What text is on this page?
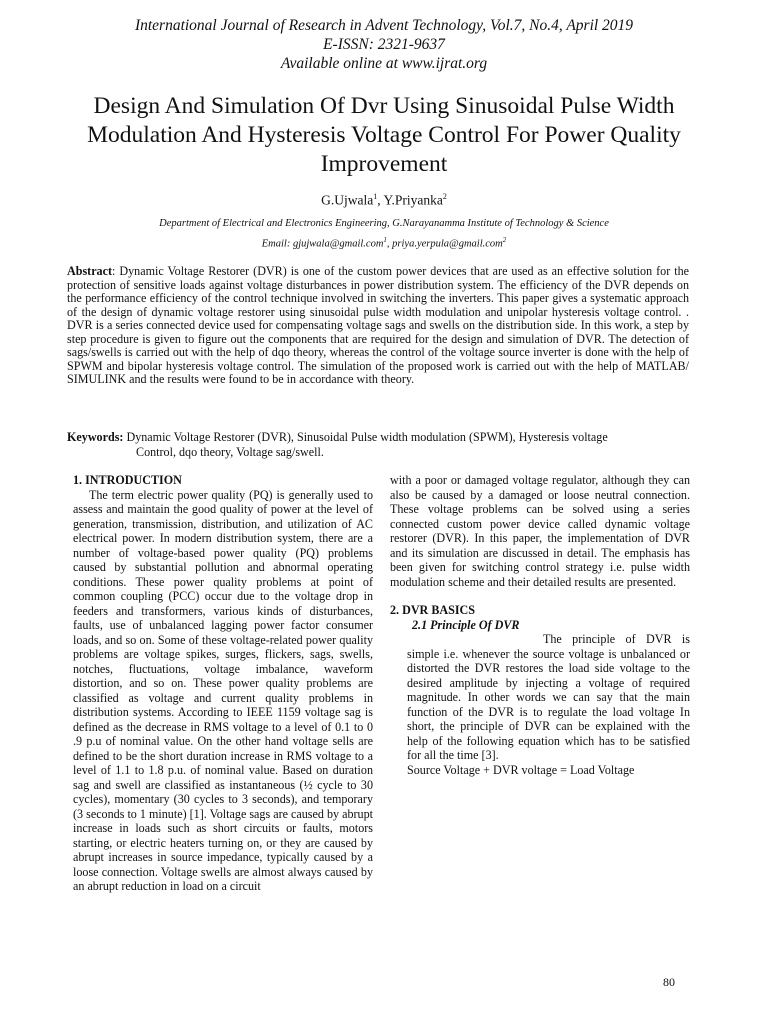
International Journal of Research in Advent Technology, Vol.7, No.4, April 2019
E-ISSN: 2321-9637
Available online at www.ijrat.org
Design And Simulation Of Dvr Using Sinusoidal Pulse Width Modulation And Hysteresis Voltage Control For Power Quality Improvement
G.Ujwala$^1$, Y.Priyanka$^2$
Department of Electrical and Electronics Engineering, G.Narayanamma Institute of Technology & Science
Email: gjujwala@gmail.com$^1$, priya.yerpula@gmail.com$^2$

Abstract: Dynamic Voltage Restorer (DVR) is one of the custom power devices that are used as an effective solution for the protection of sensitive loads against voltage disturbances in power distribution system. The efficiency of the DVR depends on the performance efficiency of the control technique involved in switching the inverters. This paper gives a systematic approach of the design of dynamic voltage restorer using sinusoidal pulse width modulation and unipolar hysteresis voltage control. . DVR is a series connected device used for compensating voltage sags and swells on the distribution side. In this work, a step by step procedure is given to figure out the components that are required for the design and simulation of DVR. The detection of sags/swells is carried out with the help of dqo theory, whereas the control of the voltage source inverter is done with the help of SPWM and bipolar hysteresis voltage control. The simulation of the proposed work is carried out with the help of MATLAB/ SIMULINK and the results were found to be in accordance with theory.

Keywords: Dynamic Voltage Restorer (DVR), Sinusoidal Pulse width modulation (SPWM), Hysteresis voltage
Control, dqo theory, Voltage sag/swell.

1. INTRODUCTION

The term electric power quality (PQ) is generally used to assess and maintain the good quality of power at the level of generation, transmission, distribution, and utilization of AC electrical power. In modern distribution system, there are a number of voltage-based power quality (PQ) problems caused by substantial pollution and abnormal operating conditions. These power quality problems at point of common coupling (PCC) occur due to the voltage drop in feeders and transformers, various kinds of disturbances, faults, use of unbalanced lagging power factor consumer loads, and so on. Some of these voltage-related power quality problems are voltage spikes, surges, flickers, sags, swells, notches, fluctuations, voltage imbalance, waveform distortion, and so on. These power quality problems are classified as voltage and current quality problems in distribution systems. According to IEEE 1159 voltage sag is defined as the decrease in RMS voltage to a level of 0.1 to 0 .9 p.u of nominal value. On the other hand voltage sells are defined to be the short duration increase in RMS voltage to a level of 1.1 to 1.8 p.u. of nominal value. Based on duration sag and swell are classified as instantaneous (½ cycle to 30 cycles), momentary (30 cycles to 3 seconds), and temporary (3 seconds to 1 minute) [1]. Voltage sags are caused by abrupt increase in loads such as short circuits or faults, motors starting, or electric heaters turning on, or they are caused by abrupt increases in source impedance, typically caused by a loose connection. Voltage swells are almost always caused by an abrupt reduction in load on a circuit

with a poor or damaged voltage regulator, although they can also be caused by a damaged or loose neutral connection. These voltage problems can be solved using a series connected custom power device called dynamic voltage restorer (DVR). In this paper, the implementation of DVR and its simulation are discussed in detail. The emphasis has been given for switching control strategy i.e. pulse width modulation scheme and their detailed results are presented.

2. DVR BASICS

2.1 Principle Of DVR

The principle of DVR is simple i.e. whenever the source voltage is unbalanced or distorted the DVR restores the load side voltage to the desired amplitude by injecting a voltage of required magnitude. In other words we can say that the main function of the DVR is to regulate the load voltage In short, the principle of DVR can be explained with the help of the following equation which has to be satisfied for all the time [3].

Source Voltage + DVR voltage = Load Voltage

80
